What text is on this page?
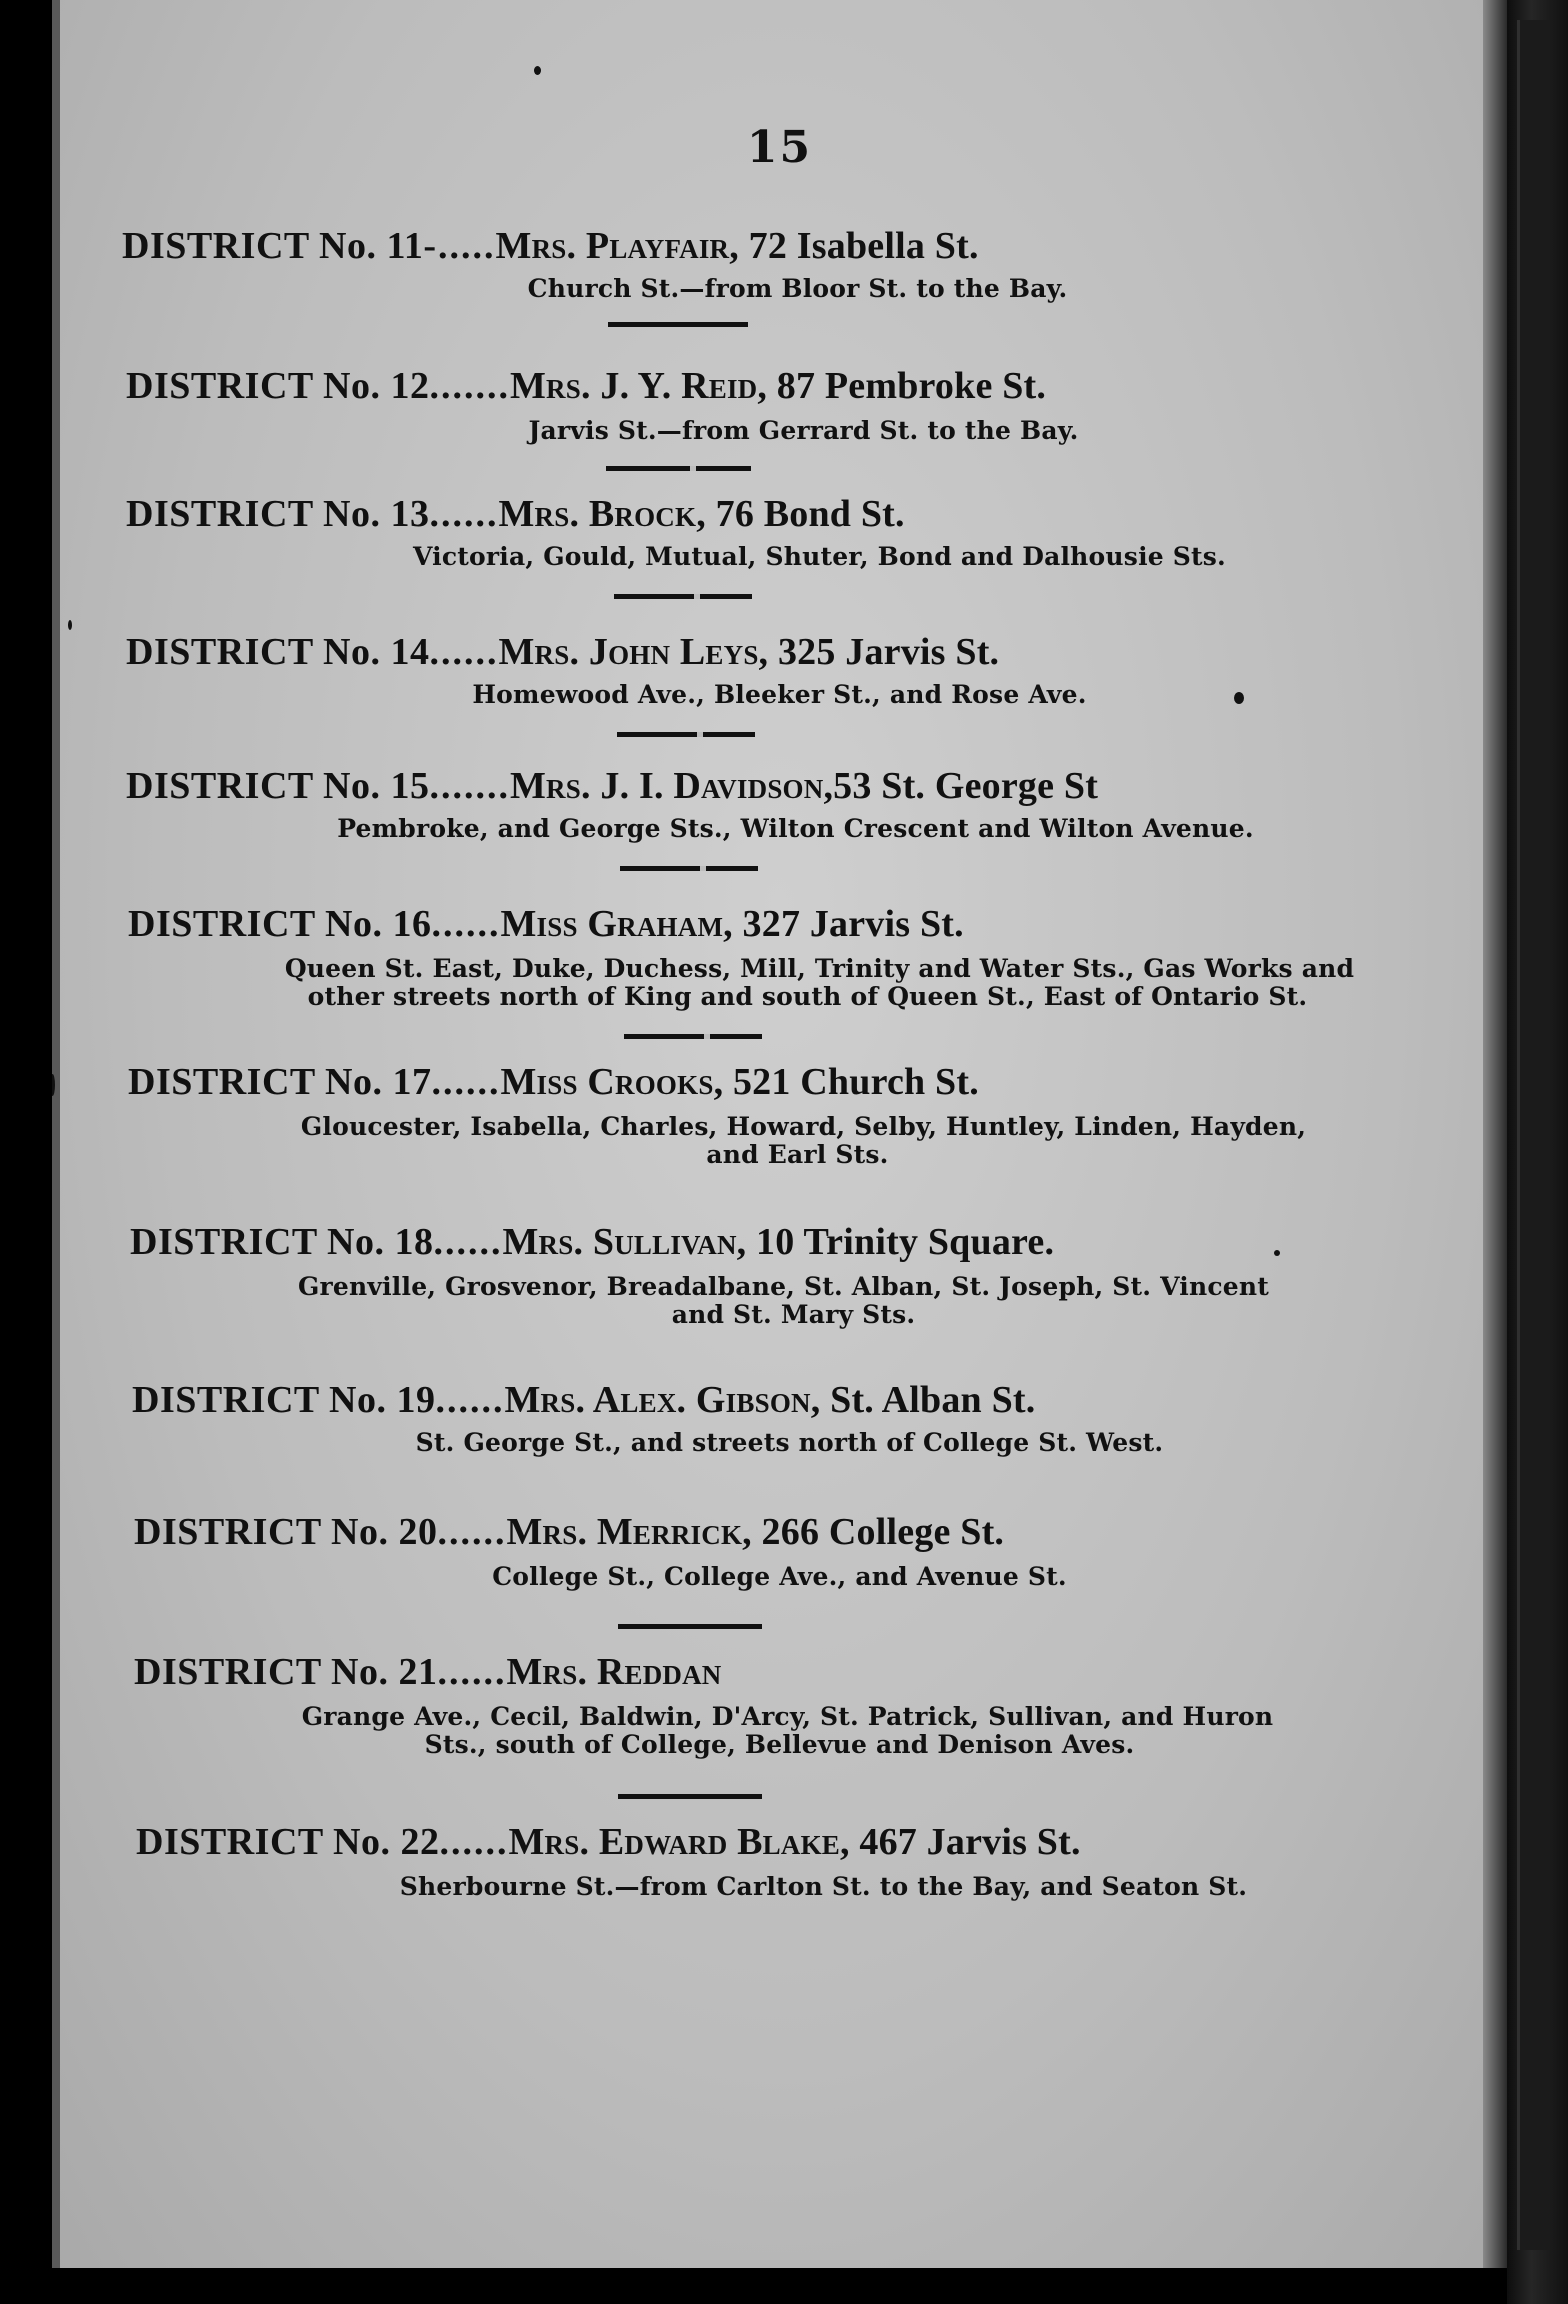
15
DISTRICT No. 11-.....Mrs. Playfair, 72 Isabella St.
Church St.—from Bloor St. to the Bay.
DISTRICT No. 12.......Mrs. J. Y. Reid, 87 Pembroke St.
Jarvis St.—from Gerrard St. to the Bay.
DISTRICT No. 13......Mrs. Brock, 76 Bond St.
Victoria, Gould, Mutual, Shuter, Bond and Dalhousie Sts.
DISTRICT No. 14......Mrs. John Leys, 325 Jarvis St.
Homewood Ave., Bleeker St., and Rose Ave.
DISTRICT No. 15.......Mrs. J. I. Davidson,53 St. George St
Pembroke, and George Sts., Wilton Crescent and Wilton Avenue.
DISTRICT No. 16......Miss Graham, 327 Jarvis St.
Queen St. East, Duke, Duchess, Mill, Trinity and Water Sts., Gas Works and
other streets north of King and south of Queen St., East of Ontario St.
DISTRICT No. 17......Miss Crooks, 521 Church St.
Gloucester, Isabella, Charles, Howard, Selby, Huntley, Linden, Hayden,
and Earl Sts.
DISTRICT No. 18......Mrs. Sullivan, 10 Trinity Square.
Grenville, Grosvenor, Breadalbane, St. Alban, St. Joseph, St. Vincent
and St. Mary Sts.
DISTRICT No. 19......Mrs. Alex. Gibson, St. Alban St.
St. George St., and streets north of College St. West.
DISTRICT No. 20......Mrs. Merrick, 266 College St.
College St., College Ave., and Avenue St.
DISTRICT No. 21......Mrs. Reddan
Grange Ave., Cecil, Baldwin, D'Arcy, St. Patrick, Sullivan, and Huron
Sts., south of College, Bellevue and Denison Aves.
DISTRICT No. 22......Mrs. Edward Blake, 467 Jarvis St.
Sherbourne St.—from Carlton St. to the Bay, and Seaton St.
